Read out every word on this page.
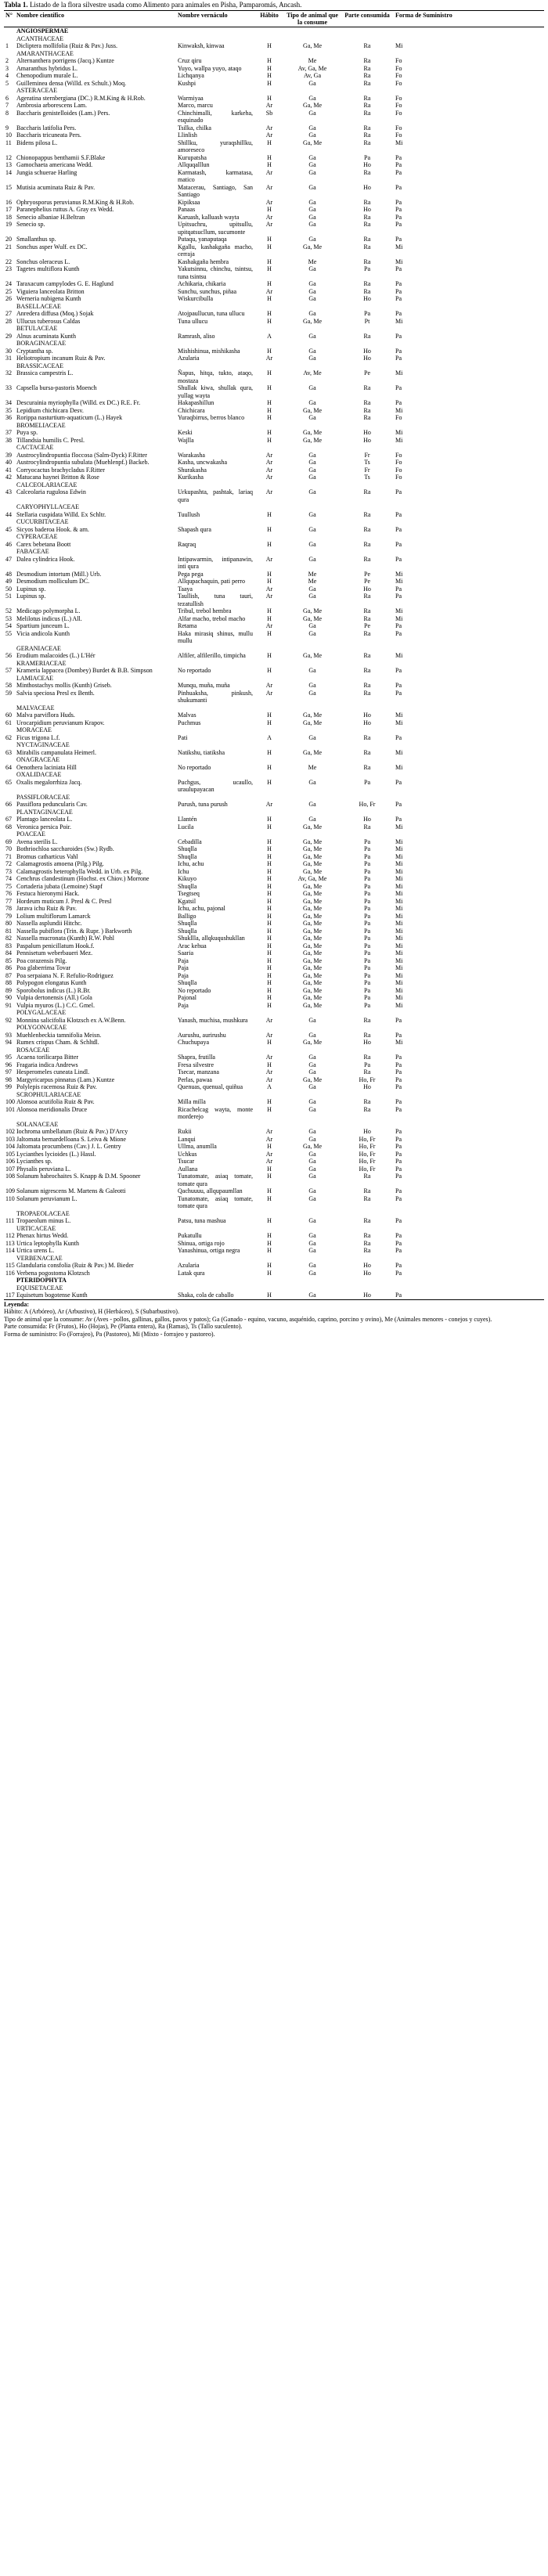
Tabla 1. Listado de la flora silvestre usada como Alimento para animales en Pisha, Pamparomás, Ancash.
N°	Nombre científico	Nombre vernáculo	Hábito	Tipo de animal que la consume	Parte consumida	Forma de Suministro
	ANGIOSPERMAE					
	ACANTHACEAE					
1	Dicliptera mollifolia (Ruiz & Pav.) Juss.	Kinwaksh, kinwaa	H	Ga, Me	Ra	Mi
	AMARANTHACEAE					
2	Alternanthera porrigens (Jacq.) Kuntze	Cruz qiru	H	Me	Ra	Fo
3	Amaranthus hybridus L.	Yuyo, wallpa yuyo, ataqo	H	Av, Ga, Me	Ra	Fo
4	Chenopodium murale L.	Lichqanya	H	Av, Ga	Ra	Fo
5	Guilleminea densa (Willd. ex Schult.) Moq.	Kushpi	H	Ga	Ra	Fo
	ASTERACEAE					
6	Ageratina sternbergiana (DC.) R.M.King & H.Rob.	Warmiyaa	H	Ga	Ra	Fo
7	Ambrosia arborescens Lam.	Marco, marcu	Ar	Ga, Me	Ra	Fo
8	Baccharis genistelloides (Lam.) Pers.	Chinchimalli, karkeha, esquinado	Sb	Ga	Ra	Fo
9	Baccharis latifolia Pers.	Tsilka, chilka	Ar	Ga	Ra	Fo
10	Baccharis tricuneata Pers.	Llinlish	Ar	Ga	Ra	Fo
11	Bidens pilosa L.	Shillku, yuraqshillku, amoreseco	H	Ga, Me	Ra	Mi
12	Chionopappus benthamii S.F.Blake	Kurupatsha	H	Ga	Pa	Pa
13	Gamochaeta americana Wedd.	Allquqalllun	H	Ga	Ho	Pa
14	Jungia schuerae Harling	Karmatash, karmatasa, matico	Ar	Ga	Ra	Pa
15	Mutisia acuminata Ruiz & Pav.	Matacerau, Santiago, San Santiago	Ar	Ga	Ho	Pa
16	Ophryosporus peruvianus R.M.King & H.Rob.	Kipiksaa	Ar	Ga	Ra	Pa
17	Paranephelius ruttus A. Gray ex Wedd.	Panaas	H	Ga	Ho	Pa
18	Senecio albaniae H.Beltran	Karuash, kalluash wayta	Ar	Ga	Ra	Pa
19	Senecio sp.	Upitsuchru, upitsullu, upitqatsucllum, sucumonte	Ar	Ga	Ra	Pa
20	Smallanthus sp.	Putaqu, yanaputaqa	H	Ga	Ra	Pa
21	Sonchus asper Wulf. ex DC.	Kgallu, kashakgaña macho, cerraja	H	Ga, Me	Ra	Mi
22	Sonchus oleraceus L.	Kashakgaña hembra	H	Me	Ra	Mi
23	Tagetes multiflora Kunth	Yakutsinnu, chinchu, tsintsu, tuna tsintsu	H	Ga	Pa	Pa
24	Taraxacum campylodes G. E. Haglund	Achikaria, chikaria	H	Ga	Ra	Pa
25	Viguiera lanceolata Britton	Sunchu, sunchus, piñaa	Ar	Ga	Ra	Pa
26	Werneria nubigena Kunth	Wiskurcibulla	H	Ga	Ho	Pa
	BASELLACEAE					
27	Anredera diffusa (Moq.) Sojak	Atojpaullucun, tuna ullucu	H	Ga	Pa	Pa
28	Ullucus tuberosus Caldas	Tuna ullucu	H	Ga, Me	Pt	Mi
	BETULACEAE					
29	Alnus acuminata Kunth	Ramrash, aliso	A	Ga	Ra	Pa
	BORAGINACEAE					
30	Cryptantha sp.	Mishishinua, mishikasha	H	Ga	Ho	Pa
31	Heliotropium incanum Ruiz & Pav.	Azularia	Ar	Ga	Ho	Pa
	BRASSICACEAE					
32	Brassica campestris L.	Ñapus, hitqa, tukto, ataqo, mostaza	H	Av, Me	Pe	Mi
33	Capsella bursa-pastoris Moench	Shullak kiwa, shullak qura, yullag wayta	H	Ga	Ra	Pa
34	Descurainia myriophylla (Willd. ex DC.) R.E. Fr.	Hakapashillun	H	Ga	Ra	Pa
35	Lepidium chichicara Desv.	Chichicara	H	Ga, Me	Ra	Mi
36	Rorippa nasturtium-aquaticum (L.) Hayek	Yuraqbirrus, berros blanco	H	Ga	Ra	Fo
	BROMELIACEAE					
37	Puya sp.	Keski	H	Ga, Me	Ho	Mi
38	Tillandsia humilis C. Presl.	Wajlla	H	Ga, Me	Ho	Mi
	CACTACEAE					
39	Austrocylindropuntia floccosa (Salm-Dyck) F.Ritter	Warakasha	Ar	Ga	Fr	Fo
40	Austrocylindropuntia subulata (Muehlenpf.) Backeb.	Kasha, uncwakasha	Ar	Ga	Ts	Fo
41	Corryocactus brachycladus F.Ritter	Shurakasha	Ar	Ga	Fr	Fo
42	Matucana haynei Britton & Rose	Kurikasha	Ar	Ga	Ts	Fo
	CALCEOLARIACEAE					
43	Calceolaria rugulosa Edwin	Urkupashta, pashtak, lariaq qura	Ar	Ga	Ra	Pa
	CARYOPHYLLACEAE					
44	Stellaria cuspidata Willd. Ex Schltr.	Tuullush	H	Ga	Ra	Pa
	CUCURBITACEAE					
45	Sicyos baderoa Hook. & arn.	Shapash qura	H	Ga	Ra	Pa
	CYPERACEAE					
46	Carex bebetana Boott	Raqraq	H	Ga	Ra	Pa
	FABACEAE					
47	Dalea cylindrica Hook.	Intipawarmin, intipanawin, inti qura	Ar	Ga	Ra	Pa
48	Desmodium intortum (Mill.) Urb.	Pega pega	H	Me	Pe	Mi
49	Desmodium molliculum DC.	Allqupachaquin, pati perro	H	Me	Pe	Mi
50	Lupinus sp.	Taaya	Ar	Ga	Ho	Pa
51	Lupinus sp.	Taullish, tuna tauri, tezatullish	Ar	Ga	Ra	Pa
52	Medicago polymorpha L.	Tribul, trebol hembra	H	Ga, Me	Ra	Mi
53	Melilotus indicus (L.) All.	Alfar macho, trebol macho	H	Ga, Me	Ra	Mi
54	Spartium junceum L.	Retama	Ar	Ga	Pe	Pa
55	Vicia andicola Kunth	Haka mirasiq shinus, mullu mullu	H	Ga	Ra	Pa
	GERANIACEAE					
56	Erodium malacoides (L.) L'Hér	Alfiler, alfilerillo, timpicha	H	Ga, Me	Ra	Mi
	KRAMERIACEAE					
57	Krameria lappacea (Dombey) Burdet & B.B. Simpson	No reportado	H	Ga	Ra	Pa
	LAMIACEAE					
58	Minthostachys mollis (Kunth) Griseb.	Munqu, muña, muña	Ar	Ga	Ra	Pa
59	Salvia speciosa Presl ex Benth.	Pinhuaksha, pinkush, shukumanti	Ar	Ga	Ra	Pa
	MALVACEAE					
60	Malva parviflora Huds.	Malvas	H	Ga, Me	Ho	Mi
61	Urocarpidium peruvianum Krapov.	Puchmus	H	Ga, Me	Ho	Mi
	MORACEAE					
62	Ficus trigona L.f.	Pati	A	Ga	Ra	Pa
	NYCTAGINACEAE					
63	Mirabilis campanulata Heimerl.	Natikshu, tiatiksha	H	Ga, Me	Ra	Mi
	ONAGRACEAE					
64	Oenothera laciniata Hill	No reportado	H	Me	Ra	Mi
	OXALIDACEAE					
65	Oxalis megalorrhiza Jacq.	Puchgus, ucaullo, uraulupayacan	H	Ga	Pa	Pa
	PASSIFLORACEAE					
66	Passiflora peduncularis Cav.	Purush, tuna purush	Ar	Ga	Ho, Fr	Pa
	PLANTAGINACEAE					
67	Plantago lanceolata L.	Llantén	H	Ga	Ho	Pa
68	Veronica persica Poir.	Lucila	H	Ga, Me	Ra	Mi
	POACEAE					
69	Avena sterilis L.	Cebadilla	H	Ga, Me	Pa	Mi
70	Bothriochloa saccharoides (Sw.) Rydb.	Shuqlla	H	Ga, Me	Pa	Mi
71	Bromus catharticus Vahl	Shuqlla	H	Ga, Me	Pa	Mi
72	Calamagrostis amoena (Pilg.) Pilg.	Ichu, achu	H	Ga, Me	Pa	Mi
73	Calamagrostis heterophylla Wedd. in Urb. ex Pilg.	Ichu	H	Ga, Me	Pa	Mi
74	Cenchrus clandestinum (Hochst. ex Chiov.) Morrone	Kikuyo	H	Av, Ga, Me	Pa	Mi
75	Cortaderia jubata (Lemoine) Stapf	Shuqlla	H	Ga, Me	Pa	Mi
76	Festuca hieronymi Hack.	Tsegtseq	H	Ga, Me	Pa	Mi
77	Hordeum muticum J. Presl & C. Presl	Kgatsil	H	Ga, Me	Pa	Mi
78	Jarava ichu Ruiz & Pav.	Ichu, achu, pajonal	H	Ga, Me	Pa	Mi
79	Lolium multiflorum Lamarck	Balligo	H	Ga, Me	Pa	Mi
80	Nassella asplundii Hitchc.	Shuqlla	H	Ga, Me	Pa	Mi
81	Nassella pubiflora (Trin. & Rupr. ) Barkworth	Shuqlla	H	Ga, Me	Pa	Mi
82	Nassella mucronata (Kunth) R.W. Pohl	Shukllla, allqkuqushukllan	H	Ga, Me	Pa	Mi
83	Paspalum penicillatum Hook.f.	Arac kehua	H	Ga, Me	Pa	Mi
84	Pennisetum weberbaueri Mez.	Saaria	H	Ga, Me	Pa	Mi
85	Poa corazensis Pilg.	Paja	H	Ga, Me	Pa	Mi
86	Poa glaberrima Tovar	Paja	H	Ga, Me	Pa	Mi
87	Poa serpaiana N. F. Refulio-Rodriguez	Paja	H	Ga, Me	Pa	Mi
88	Polypogon elongatus Kunth	Shuqlla	H	Ga, Me	Pa	Mi
89	Sporobolus indicus (L.) R.Br.	No reportado	H	Ga, Me	Pa	Mi
90	Vulpia dertonensis (All.) Gola	Pajonal	H	Ga, Me	Pa	Mi
91	Vulpia myuros (L.) C.C. Gmel.	Paja	H	Ga, Me	Pa	Mi
	POLYGALACEAE					
92	Monnina salicifolia Klotzsch ex A.W.Benn.	Yanash, muchisa, mushkura	Ar	Ga	Ra	Pa
	POLYGONACEAE					
93	Muehlenbeckia tamnifolia Meisn.	Aurushu, aurirushu	Ar	Ga	Ra	Pa
94	Rumex crispus Cham. & Schltdl.	Chuchupaya	H	Ga, Me	Ho	Mi
	ROSACEAE					
95	Acaena torilicarpa Bitter	Shapra, frutilla	Ar	Ga	Ra	Pa
96	Fragaria indica Andrews	Fresa silvestre	H	Ga	Pa	Pa
97	Hesperomeles cuneata Lindl.	Tsecar, manzana	Ar	Ga	Ra	Pa
98	Margyricarpus pinnatus (Lam.) Kuntze	Perlas, pawaa	Ar	Ga, Me	Ho, Fr	Pa
99	Polylepis racemosa Ruiz & Pav.	Quenuas, quenual, quiñua	A	Ga	Ho	Pa
	SCROPHULARIACEAE					
100	Alonsoa acutifolia Ruiz & Pav.	Milla milla	H	Ga	Ra	Pa
101	Alonsoa meridionalis Druce	Ricachelcag wayta, monte morderejo	H	Ga	Ra	Pa
	SOLANACEAE					
102	Iochroma umbellatum (Ruiz & Pav.) D'Arcy	Rukii	Ar	Ga	Ho	Pa
103	Jaltomata bernardelloana S. Leiva & Mione	Lanqui	Ar	Ga	Ho, Fr	Pa
104	Jaltomata procumbens (Cav.) J. L. Gentry	Ullma, anumlla	H	Ga, Me	Ho, Fr	Pa
105	Lycianthes lycioides (L.) Hassl.	Uchkus	Ar	Ga	Ho, Fr	Pa
106	Lycianthes sp.	Tsucar	Ar	Ga	Ho, Fr	Pa
107	Physalis peruviana L.	Aullana	H	Ga	Ho, Fr	Pa
108	Solanum habrochaites S. Knapp & D.M. Spooner	Tunatomate, asiaq tomate, tomate qura	H	Ga	Ra	Pa
109	Solanum nigrescens M. Martens & Galeotti	Qachuuuu, allqupaumllan	H	Ga	Ra	Pa
110	Solanum peruvianum L.	Tunatomate, asiaq tomate, tomate qura	H	Ga	Ra	Pa
	TROPAEOLACEAE					
111	Tropaeolum minus L.	Patsu, tuna mashua	H	Ga	Ra	Pa
	URTICACEAE					
112	Phenax hirtus Wedd.	Pukatullu	H	Ga	Ra	Pa
113	Urtica leptophylla Kunth	Shinua, ortiga rojo	H	Ga	Ra	Pa
114	Urtica urens L.	Yanashinua, ortiga negra	H	Ga	Ra	Pa
	VERBENACEAE					
115	Glandularia consfolia (Ruiz & Pav.) M. Bieder	Azularia	H	Ga	Ho	Pa
116	Verbena pogostoma Klotzsch	Latak qura	H	Ga	Ho	Pa
	PTERIDOPHYTA					
	EQUISETACEAE					
117	Equisetum bogotense Kunth	Shaka, cola de caballo	H	Ga	Ho	Pa
Leyenda:
Hábito: A (Arbóreo), Ar (Arbustivo), H (Herbáceo), S (Subarbustivo).
Tipo de animal que la consume: Av (Aves - pollos, gallinas, gallos, pavos y patos); Ga (Ganado - equino, vacuno, asquénido, caprino, porcino y ovino), Me (Animales menores - conejos y cuyes).
Parte consumida: Fr (Frutos), Ho (Hojas), Pe (Planta entera), Ra (Ramas), Ts (Tallo suculento).
Forma de suministro: Fo (Forrajeo), Pa (Pastoreo), Mi (Mixto - forrajeo y pastoreo).
